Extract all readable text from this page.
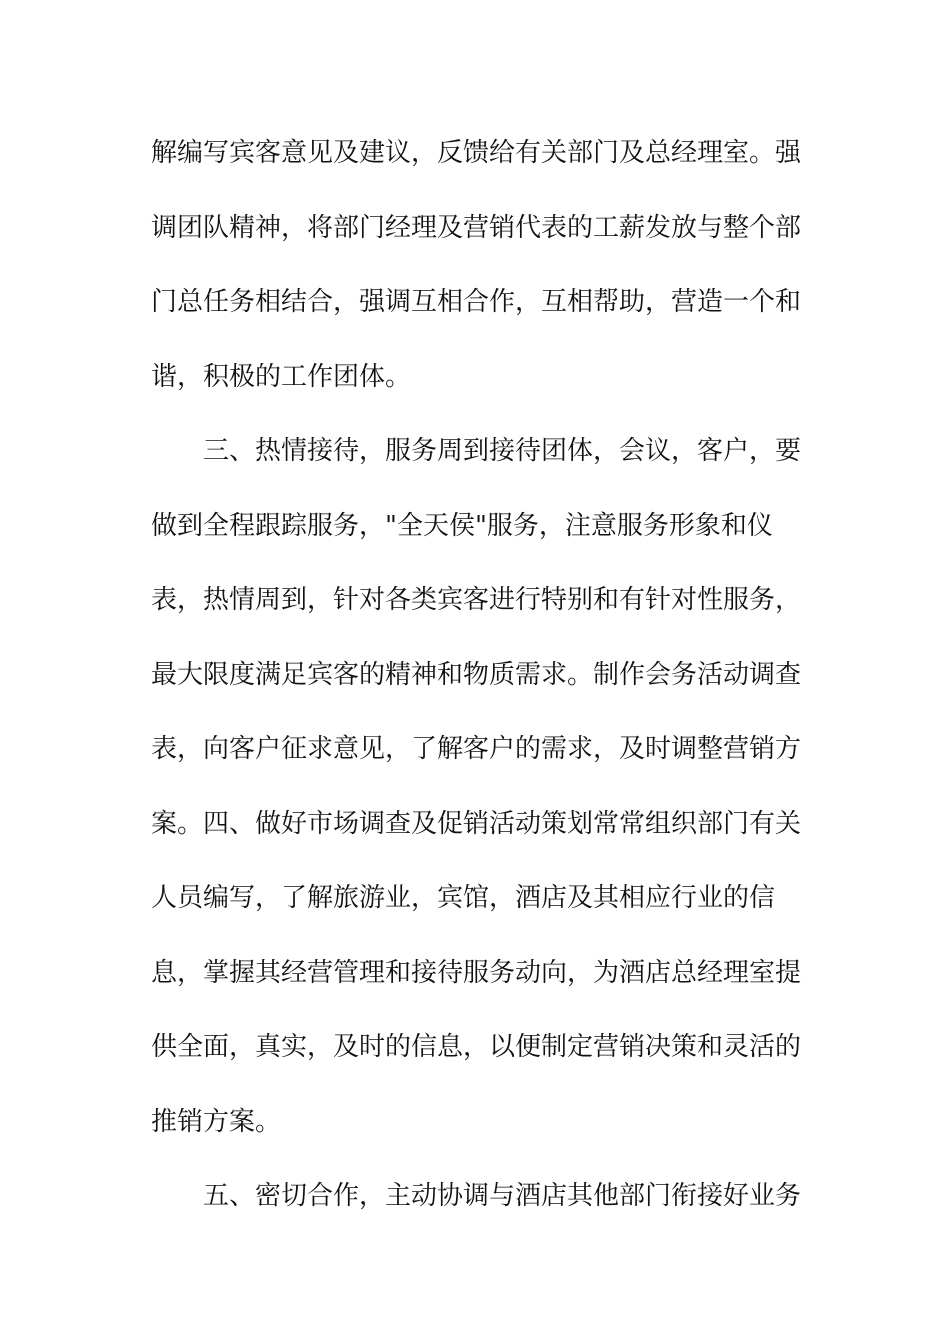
解编写宾客意见及建议，反馈给有关部门及总经理室。强
调团队精神，将部门经理及营销代表的工薪发放与整个部
门总任务相结合，强调互相合作，互相帮助，营造一个和
谐，积极的工作团体。
三、热情接待，服务周到接待团体，会议，客户，要
做到全程跟踪服务，"全天侯"服务，注意服务形象和仪
表，热情周到，针对各类宾客进行特别和有针对性服务，
最大限度满足宾客的精神和物质需求。制作会务活动调查
表，向客户征求意见，了解客户的需求，及时调整营销方
案。四、做好市场调查及促销活动策划常常组织部门有关
人员编写，了解旅游业，宾馆，酒店及其相应行业的信
息，掌握其经营管理和接待服务动向，为酒店总经理室提
供全面，真实，及时的信息，以便制定营销决策和灵活的
推销方案。
五、密切合作，主动协调与酒店其他部门衔接好业务
